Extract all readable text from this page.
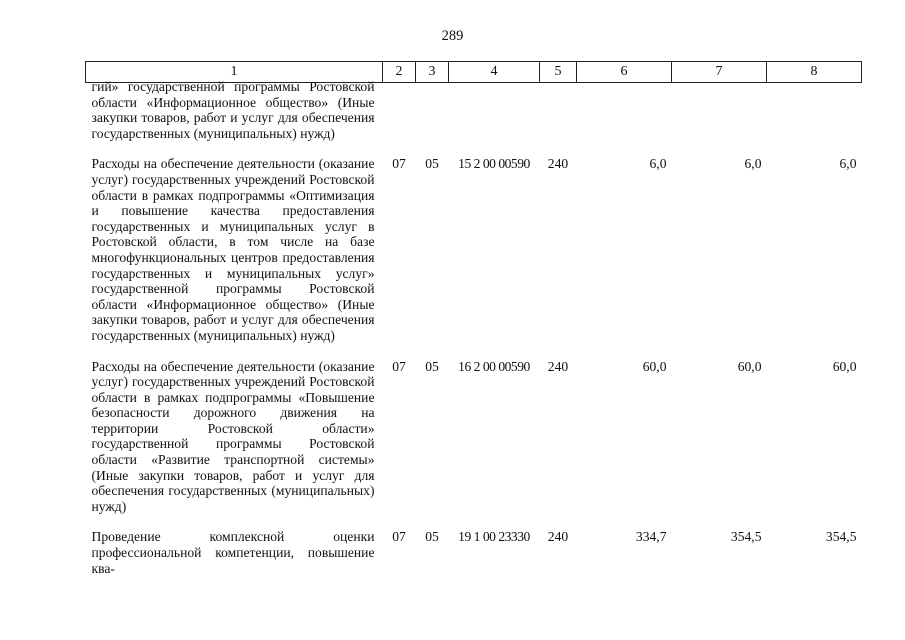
289
1	2	3	4	5	6	7	8

гий» государственной программы Ростовской области «Информационное общество» (Иные закупки товаров, работ и услуг для обеспечения государственных (муниципальных) нужд)							

Расходы на обеспечение деятельности (оказание услуг) государственных учреждений Ростовской области в рамках подпрограммы «Оптимизация и повышение качества предоставления государственных и муниципальных услуг в Ростовской области, в том числе на базе многофункциональных центров предоставления государственных и муниципальных услуг» государственной программы Ростовской области «Информационное общество» (Иные закупки товаров, работ и услуг для обеспечения государственных (муниципальных) нужд)	07	05	15 2 00 00590	240	6,0	6,0	6,0

Расходы на обеспечение деятельности (оказание услуг) государственных учреждений Ростовской области в рамках подпрограммы «Повышение безопасности дорожного движения на территории Ростовской области» государственной программы Ростовской области «Развитие транспортной системы» (Иные закупки товаров, работ и услуг для обеспечения государственных (муниципальных) нужд)	07	05	16 2 00 00590	240	60,0	60,0	60,0

Проведение комплексной оценки профессиональной компетенции, повышение ква-	07	05	19 1 00 23330	240	334,7	354,5	354,5
